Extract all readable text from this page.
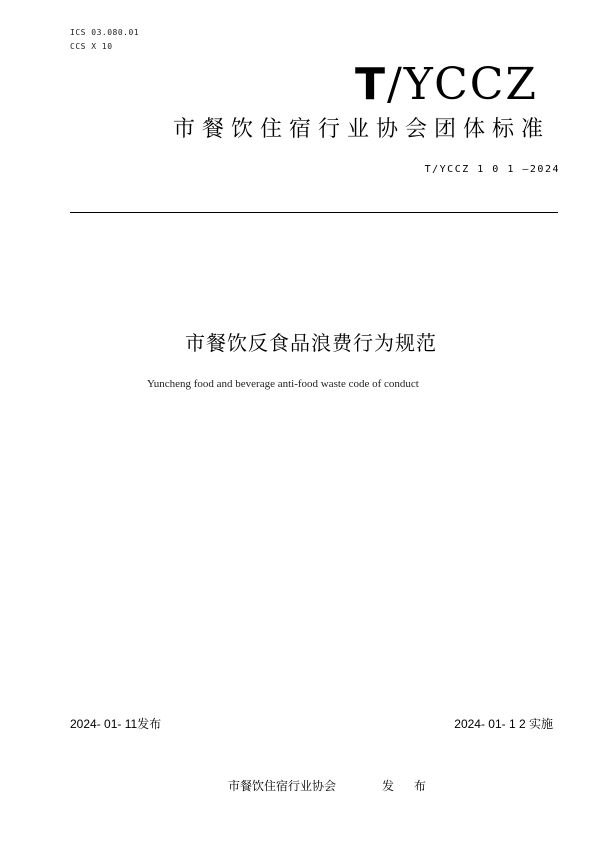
ICS 03.080.01
CCS X 10
T/YCCZ
市餐饮住宿行业协会团体标准
T/YCCZ 1 0 1 —2024
市餐饮反食品浪费行为规范
Yuncheng food and beverage anti-food waste code of conduct
2024- 01- 11发布	2024- 01- 1 2 实施
市餐饮住宿行业协会	发 布
